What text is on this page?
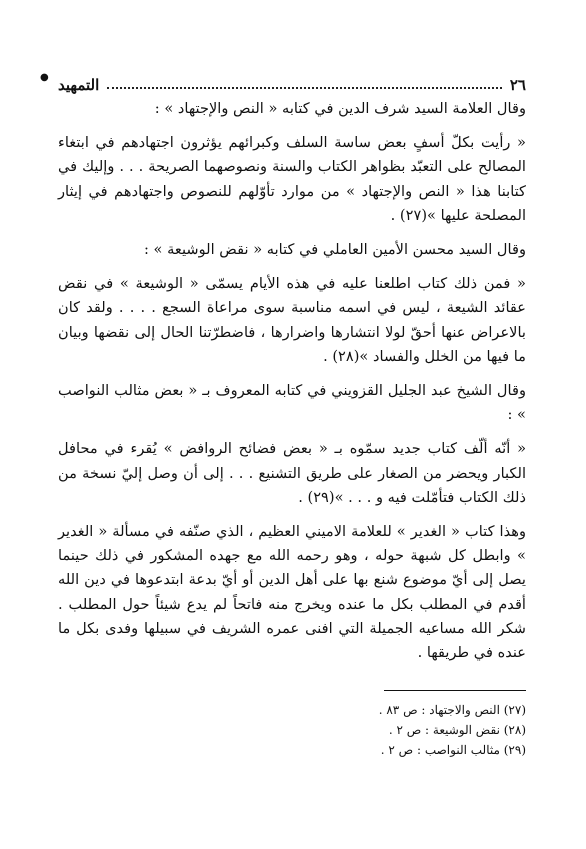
●	٢٦
التمهيد

وقال العلامة السيد شرف الدين في كتابه « النص والإجتهاد » :

« رأيت بكلّ أسفٍ بعض ساسة السلف وكبرائهم يؤثرون اجتهادهم في ابتغاء المصالح على التعبّد بظواهر الكتاب والسنة ونصوصهما الصريحة . . . وإليك في كتابنا هذا « النص والإجتهاد » من موارد تأوّلهم للنصوص واجتهادهم في إيثار المصلحة عليها »(٢٧) .

وقال السيد محسن الأمين العاملي في كتابه « نقض الوشيعة » :

« فمن ذلك كتاب اطلعنا عليه في هذه الأيام يسمّى « الوشيعة » في نقض عقائد الشيعة ، ليس في اسمه مناسبة سوى مراعاة السجع . . . . ولقد كان بالاعراض عنها أحقّ لولا انتشارها واضرارها ، فاضطرّتنا الحال إلى نقضها وبيان ما فيها من الخلل والفساد »(٢٨) .

وقال الشيخ عبد الجليل القزويني في كتابه المعروف بـ « بعض مثالب النواصب » :

« أنّه ألّف كتاب جديد سمّوه بـ « بعض فضائح الروافض » يُقرء في محافل الكبار ويحضر من الصغار على طريق التشنيع . . . إلى أن وصل إليّ نسخة من ذلك الكتاب فتأمّلت فيه و . . . »(٢٩) .

وهذا كتاب « الغدير » للعلامة الاميني العظيم ، الذي صنّفه في مسألة « الغدير » وابطل كل شبهة حوله ، وهو رحمه الله مع جهده المشكور في ذلك حينما يصل إلى أيّ موضوع شنع بها على أهل الدين أو أيّ بدعة ابتدعوها في دين الله أقدم في المطلب بكل ما عنده ويخرج منه فاتحاً لم يدع شيئاً حول المطلب . شكر الله مساعيه الجميلة التي افنى عمره الشريف في سبيلها وفدى بكل ما عنده في طريقها .

(٢٧) النص والاجتهاد : ص ٨٣ .
(٢٨) نقض الوشيعة : ص ٢ .
(٢٩) مثالب النواصب : ص ٢ .
